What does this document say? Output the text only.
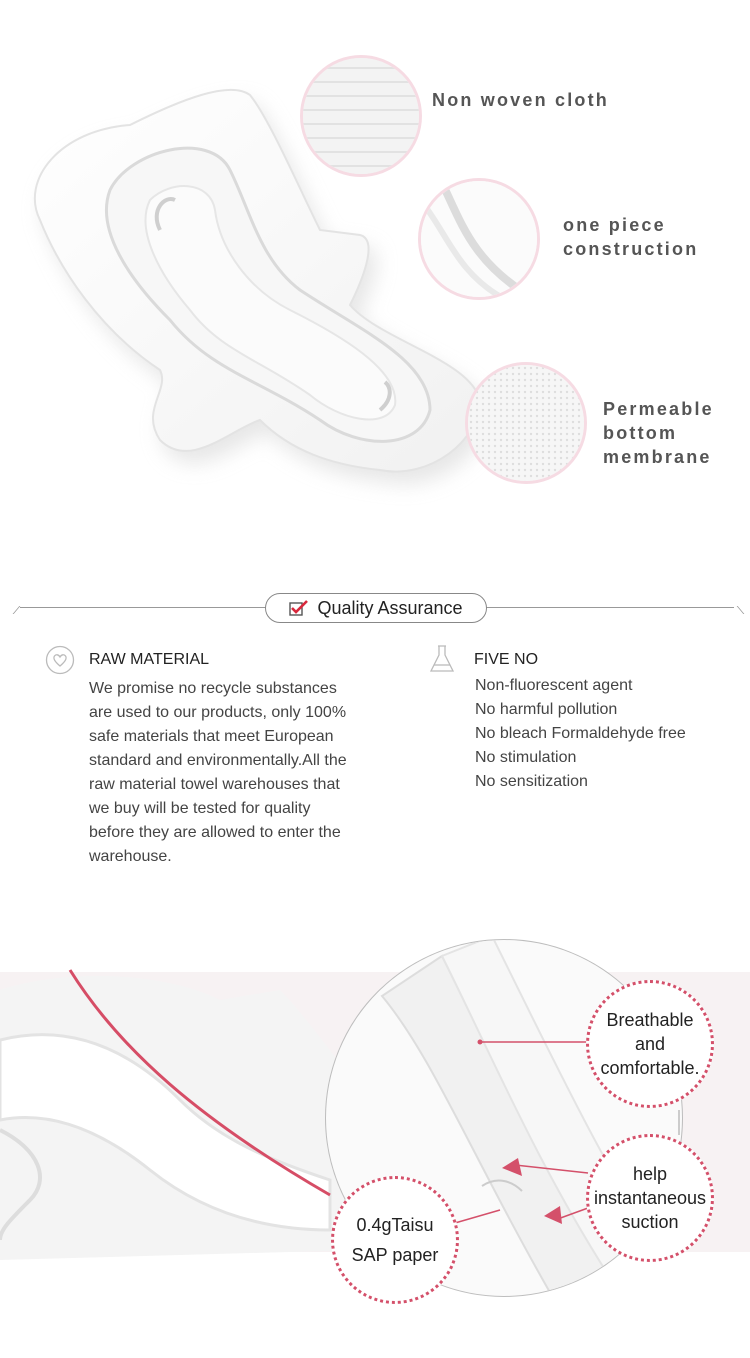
Non woven cloth
one piece
construction
Permeable
bottom
membrane
Quality Assurance
RAW MATERIAL
We promise no recycle substances
are used to our products, only 100%
safe materials that meet European
standard and environmentally.All the
raw material towel warehouses that
we buy will be tested for quality
before they are allowed to enter the
warehouse.
FIVE NO
Non-fluorescent agent
No harmful pollution
No bleach Formaldehyde free
No stimulation
No sensitization
Breathable
and
comfortable.
help
instantaneous
suction
0.4gTaisu
SAP paper
